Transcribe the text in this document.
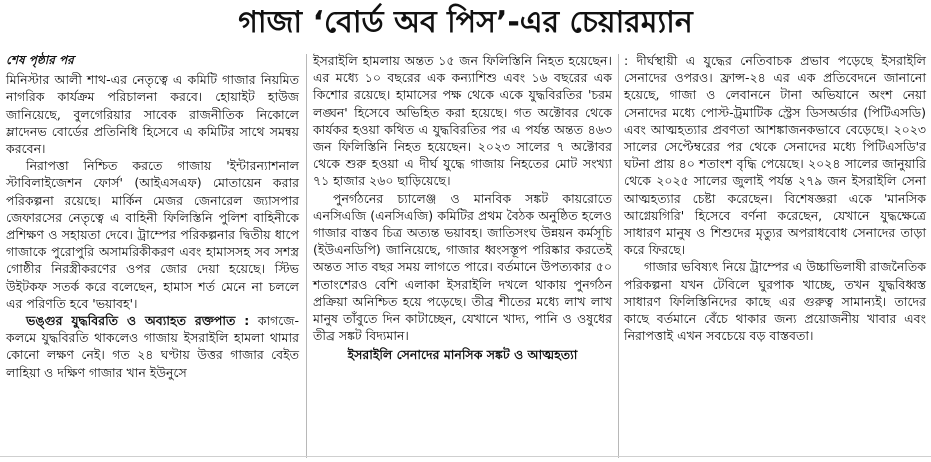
গাজা ‘বোর্ড অব পিস’-এর চেয়ারম্যান
শেষ পৃষ্ঠার পর

মিনিস্টার আলী শাথ-এর নেতৃত্বে এ কমিটি গাজার নিয়মিত নাগরিক কার্যক্রম পরিচালনা করবে। হোয়াইট হাউজ জানিয়েছে, বুলগেরিয়ার সাবেক রাজনীতিক নিকোলে ম্লাদেনভ বোর্ডের প্রতিনিধি হিসেবে এ কমিটির সাথে সমন্বয় করবেন।

নিরাপত্তা নিশ্চিত করতে গাজায় 'ইন্টারন্যাশনাল স্টাবিলাইজেশন ফোর্স' (আইএসএফ) মোতায়েন করার পরিকল্পনা রয়েছে। মার্কিন মেজর জেনারেল জ্যাসপার জেফারসের নেতৃত্বে এ বাহিনী ফিলিস্তিনি পুলিশ বাহিনীকে প্রশিক্ষণ ও সহায়তা দেবে। ট্রাম্পের পরিকল্পনার দ্বিতীয় ধাপে গাজাকে পুরোপুরি অসামরিকীকরণ এবং হামাসসহ সব সশস্ত্র গোষ্ঠীর নিরস্ত্রীকরণের ওপর জোর দেয়া হয়েছে। স্টিভ উইটকফ সতর্ক করে বলেছেন, হামাস শর্ত মেনে না চললে এর পরিণতি হবে 'ভয়াবহ'।

ভঙ্গুর যুদ্ধবিরতি ও অব্যাহত রক্তপাত : কাগজে-কলমে যুদ্ধবিরতি থাকলেও গাজায় ইসরাইলি হামলা থামার কোনো লক্ষণ নেই। গত ২৪ ঘণ্টায় উত্তর গাজার বেইত লাহিয়া ও দক্ষিণ গাজার খান ইউনুসে

ইসরাইলি হামলায় অন্তত ১৫ জন ফিলিস্তিনি নিহত হয়েছেন। এর মধ্যে ১০ বছরের এক কন্যাশিশু এবং ১৬ বছরের এক কিশোর রয়েছে। হামাসের পক্ষ থেকে একে যুদ্ধবিরতির 'চরম লঙ্ঘন' হিসেবে অভিহিত করা হয়েছে। গত অক্টোবর থেকে কার্যকর হওয়া কথিত এ যুদ্ধবিরতির পর এ পর্যন্ত অন্তত ৪৬৩ জন ফিলিস্তিনি নিহত হয়েছেন। ২০২৩ সালের ৭ অক্টোবর থেকে শুরু হওয়া এ দীর্ঘ যুদ্ধে গাজায় নিহতের মোট সংখ্যা ৭১ হাজার ২৬০ ছাড়িয়েছে।

পুনর্গঠনের চ্যালেঞ্জ ও মানবিক সঙ্কট কায়রোতে এনসিএজি (এনসিএজি) কমিটির প্রথম বৈঠক অনুষ্ঠিত হলেও গাজার বাস্তব চিত্র অত্যন্ত ভয়াবহ। জাতিসংঘ উন্নয়ন কর্মসূচি (ইউএনডিপি) জানিয়েছে, গাজার ধ্বংসস্তূপ পরিষ্কার করতেই অন্তত সাত বছর সময় লাগতে পারে। বর্তমানে উপত্যকার ৫০ শতাংশেরও বেশি এলাকা ইসরাইলি দখলে থাকায় পুনর্গঠন প্রক্রিয়া অনিশ্চিত হয়ে পড়েছে। তীব্র শীতের মধ্যে লাখ লাখ মানুষ তাঁবুতে দিন কাটাচ্ছেন, যেখানে খাদ্য, পানি ও ওষুধের তীব্র সঙ্কট বিদ্যমান।

ইসরাইলি সেনাদের মানসিক সঙ্কট ও আত্মহত্যা

: দীর্ঘস্থায়ী এ যুদ্ধের নেতিবাচক প্রভাব পড়েছে ইসরাইলি সেনাদের ওপরও। ফ্রান্স-২৪ এর এক প্রতিবেদনে জানানো হয়েছে, গাজা ও লেবাননে টানা অভিযানে অংশ নেয়া সেনাদের মধ্যে পোস্ট-ট্রমাটিক স্ট্রেস ডিসঅর্ডার (পিটিএসডি) এবং আত্মহত্যার প্রবণতা আশঙ্কাজনকভাবে বেড়েছে। ২০২৩ সালের সেপ্টেম্বরের পর থেকে সেনাদের মধ্যে পিটিএসডি'র ঘটনা প্রায় ৪০ শতাংশ বৃদ্ধি পেয়েছে। ২০২৪ সালের জানুয়ারি থেকে ২০২৫ সালের জুলাই পর্যন্ত ২৭৯ জন ইসরাইলি সেনা আত্মহত্যার চেষ্টা করেছেন। বিশেষজ্ঞরা একে 'মানসিক আগ্নেয়গিরি' হিসেবে বর্ণনা করেছেন, যেখানে যুদ্ধক্ষেত্রে সাধারণ মানুষ ও শিশুদের মৃত্যুর অপরাধবোধ সেনাদের তাড়া করে ফিরছে।

গাজার ভবিষ্যৎ নিয়ে ট্রাম্পের এ উচ্চাভিলাষী রাজনৈতিক পরিকল্পনা যখন টেবিলে ঘুরপাক খাচ্ছে, তখন যুদ্ধবিধ্বস্ত সাধারণ ফিলিস্তিনিদের কাছে এর গুরুত্ব সামান্যই। তাদের কাছে বর্তমানে বেঁচে থাকার জন্য প্রয়োজনীয় খাবার এবং নিরাপত্তাই এখন সবচেয়ে বড় বাস্তবতা।
